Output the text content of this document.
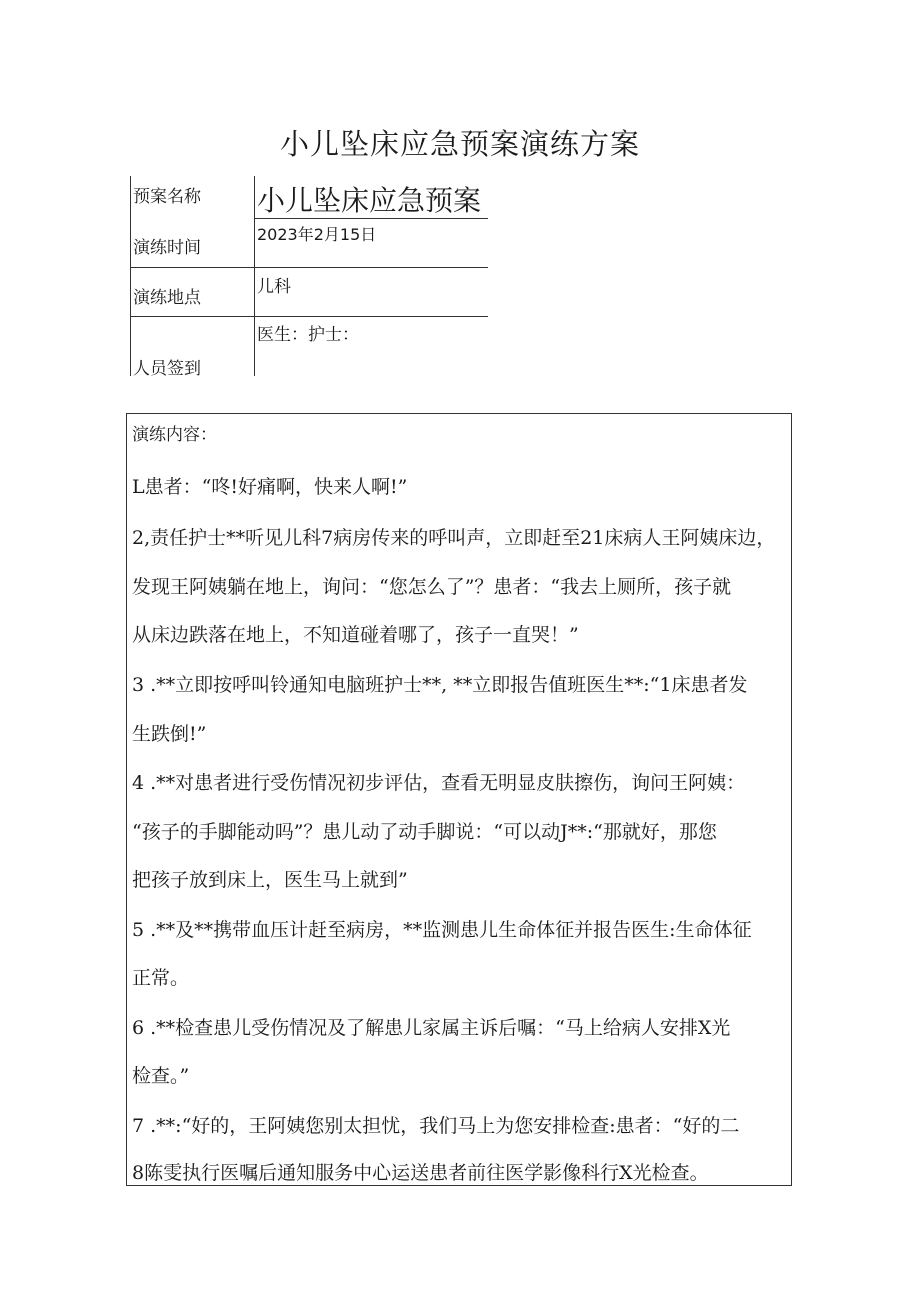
小儿坠床应急预案演练方案
预案名称 小儿坠床应急预案
演练时间
2023年2月15日
演练地点
儿科
人员签到
医生：护士：
演练内容：
L患者：“咚!好痛啊，快来人啊!”
2,责任护士**听见儿科7病房传来的呼叫声，立即赶至21床病人王阿姨床边，
发现王阿姨躺在地上，询问：“您怎么了”？患者：“我去上厕所，孩子就
从床边跌落在地上，不知道碰着哪了，孩子一直哭！”
3 .**立即按呼叫铃通知电脑班护士**, **立即报告值班医生**:“1床患者发
生跌倒!”
4 .**对患者进行受伤情况初步评估，查看无明显皮肤擦伤，询问王阿姨：
“孩子的手脚能动吗”？患儿动了动手脚说：“可以动J**:“那就好，那您
把孩子放到床上，医生马上就到”
5 .**及**携带血压计赶至病房，**监测患儿生命体征并报告医生:生命体征
正常。
6 .**检查患儿受伤情况及了解患儿家属主诉后嘱：“马上给病人安排X光
检查。”
7 .**:“好的，王阿姨您别太担忧，我们马上为您安排检查:患者：“好的二
8陈雯执行医嘱后通知服务中心运送患者前往医学影像科行X光检查。
